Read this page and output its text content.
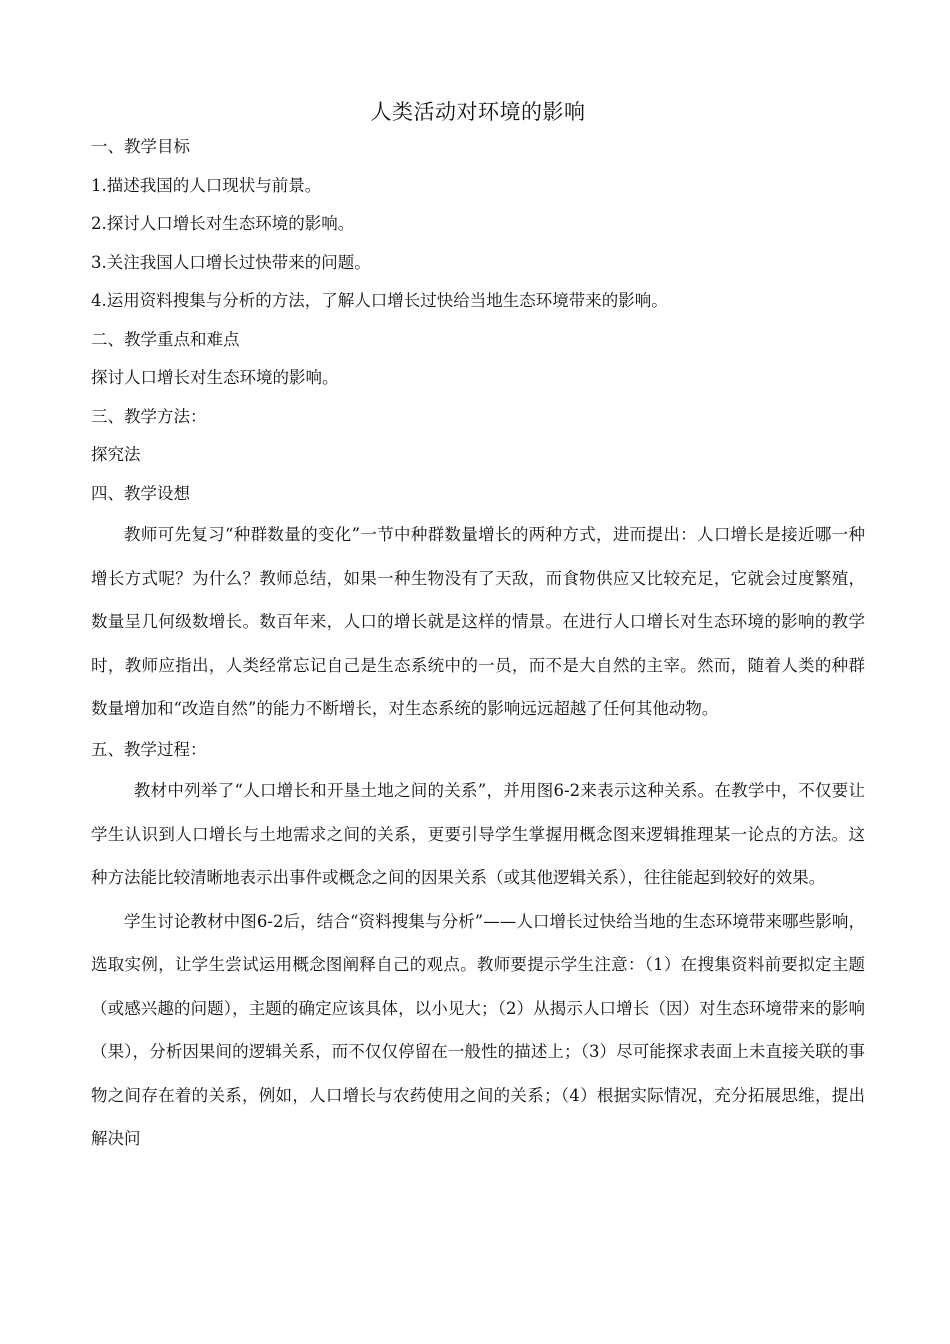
人类活动对环境的影响
一、教学目标
1.描述我国的人口现状与前景。
2.探讨人口增长对生态环境的影响。
3.关注我国人口增长过快带来的问题。
4.运用资料搜集与分析的方法，了解人口增长过快给当地生态环境带来的影响。
二、教学重点和难点
探讨人口增长对生态环境的影响。
三、教学方法：
探究法
四、教学设想

教师可先复习“种群数量的变化”一节中种群数量增长的两种方式，进而提出：人口增长是接近哪一种增长方式呢？为什么？教师总结，如果一种生物没有了天敌，而食物供应又比较充足，它就会过度繁殖，数量呈几何级数增长。数百年来，人口的增长就是这样的情景。在进行人口增长对生态环境的影响的教学时，教师应指出，人类经常忘记自己是生态系统中的一员，而不是大自然的主宰。然而，随着人类的种群数量增加和“改造自然”的能力不断增长，对生态系统的影响远远超越了任何其他动物。

五、教学过程：

教材中列举了“人口增长和开垦土地之间的关系”，并用图6-2来表示这种关系。在教学中，不仅要让学生认识到人口增长与土地需求之间的关系，更要引导学生掌握用概念图来逻辑推理某一论点的方法。这种方法能比较清晰地表示出事件或概念之间的因果关系（或其他逻辑关系），往往能起到较好的效果。

学生讨论教材中图6-2后，结合“资料搜集与分析”——人口增长过快给当地的生态环境带来哪些影响，选取实例，让学生尝试运用概念图阐释自己的观点。教师要提示学生注意：（1）在搜集资料前要拟定主题（或感兴趣的问题），主题的确定应该具体，以小见大；（2）从揭示人口增长（因）对生态环境带来的影响（果），分析因果间的逻辑关系，而不仅仅停留在一般性的描述上；（3）尽可能探求表面上未直接关联的事物之间存在着的关系，例如，人口增长与农药使用之间的关系；（4）根据实际情况，充分拓展思维，提出解决问
